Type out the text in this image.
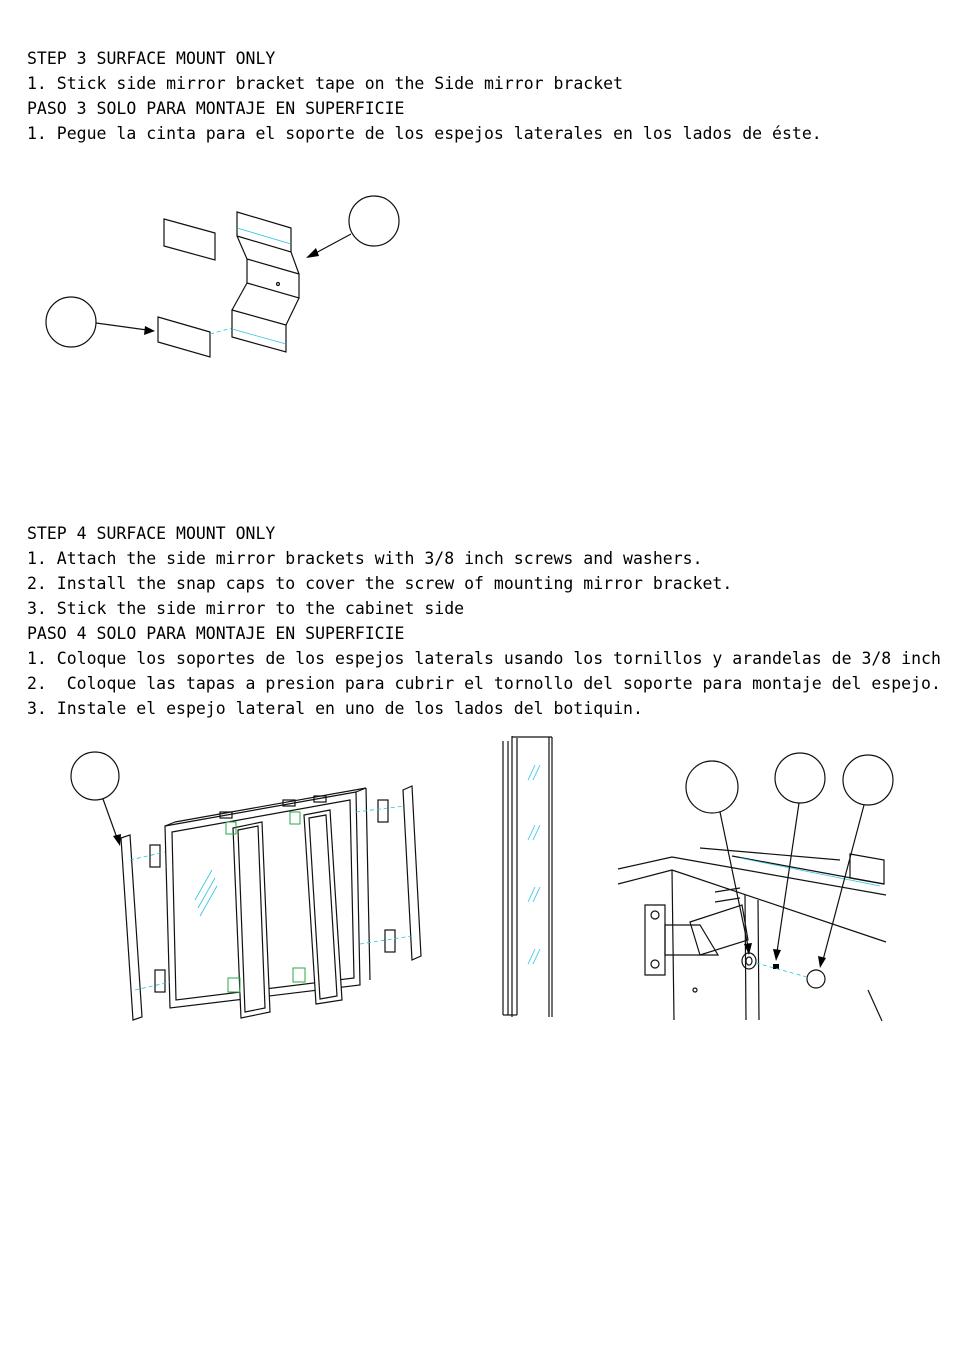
STEP 3 SURFACE MOUNT ONLY
1. Stick side mirror bracket tape on the Side mirror bracket
PASO 3 SOLO PARA MONTAJE EN SUPERFICIE
1. Pegue la cinta para el soporte de los espejos laterales en los lados de éste.
STEP 4 SURFACE MOUNT ONLY
1. Attach the side mirror brackets with 3/8 inch screws and washers.
2. Install the snap caps to cover the screw of mounting mirror bracket.
3. Stick the side mirror to the cabinet side
PASO 4 SOLO PARA MONTAJE EN SUPERFICIE
1. Coloque los soportes de los espejos laterals usando los tornillos y arandelas de 3/8 inch
2.  Coloque las tapas a presion para cubrir el tornollo del soporte para montaje del espejo.
3. Instale el espejo lateral en uno de los lados del botiquin.
